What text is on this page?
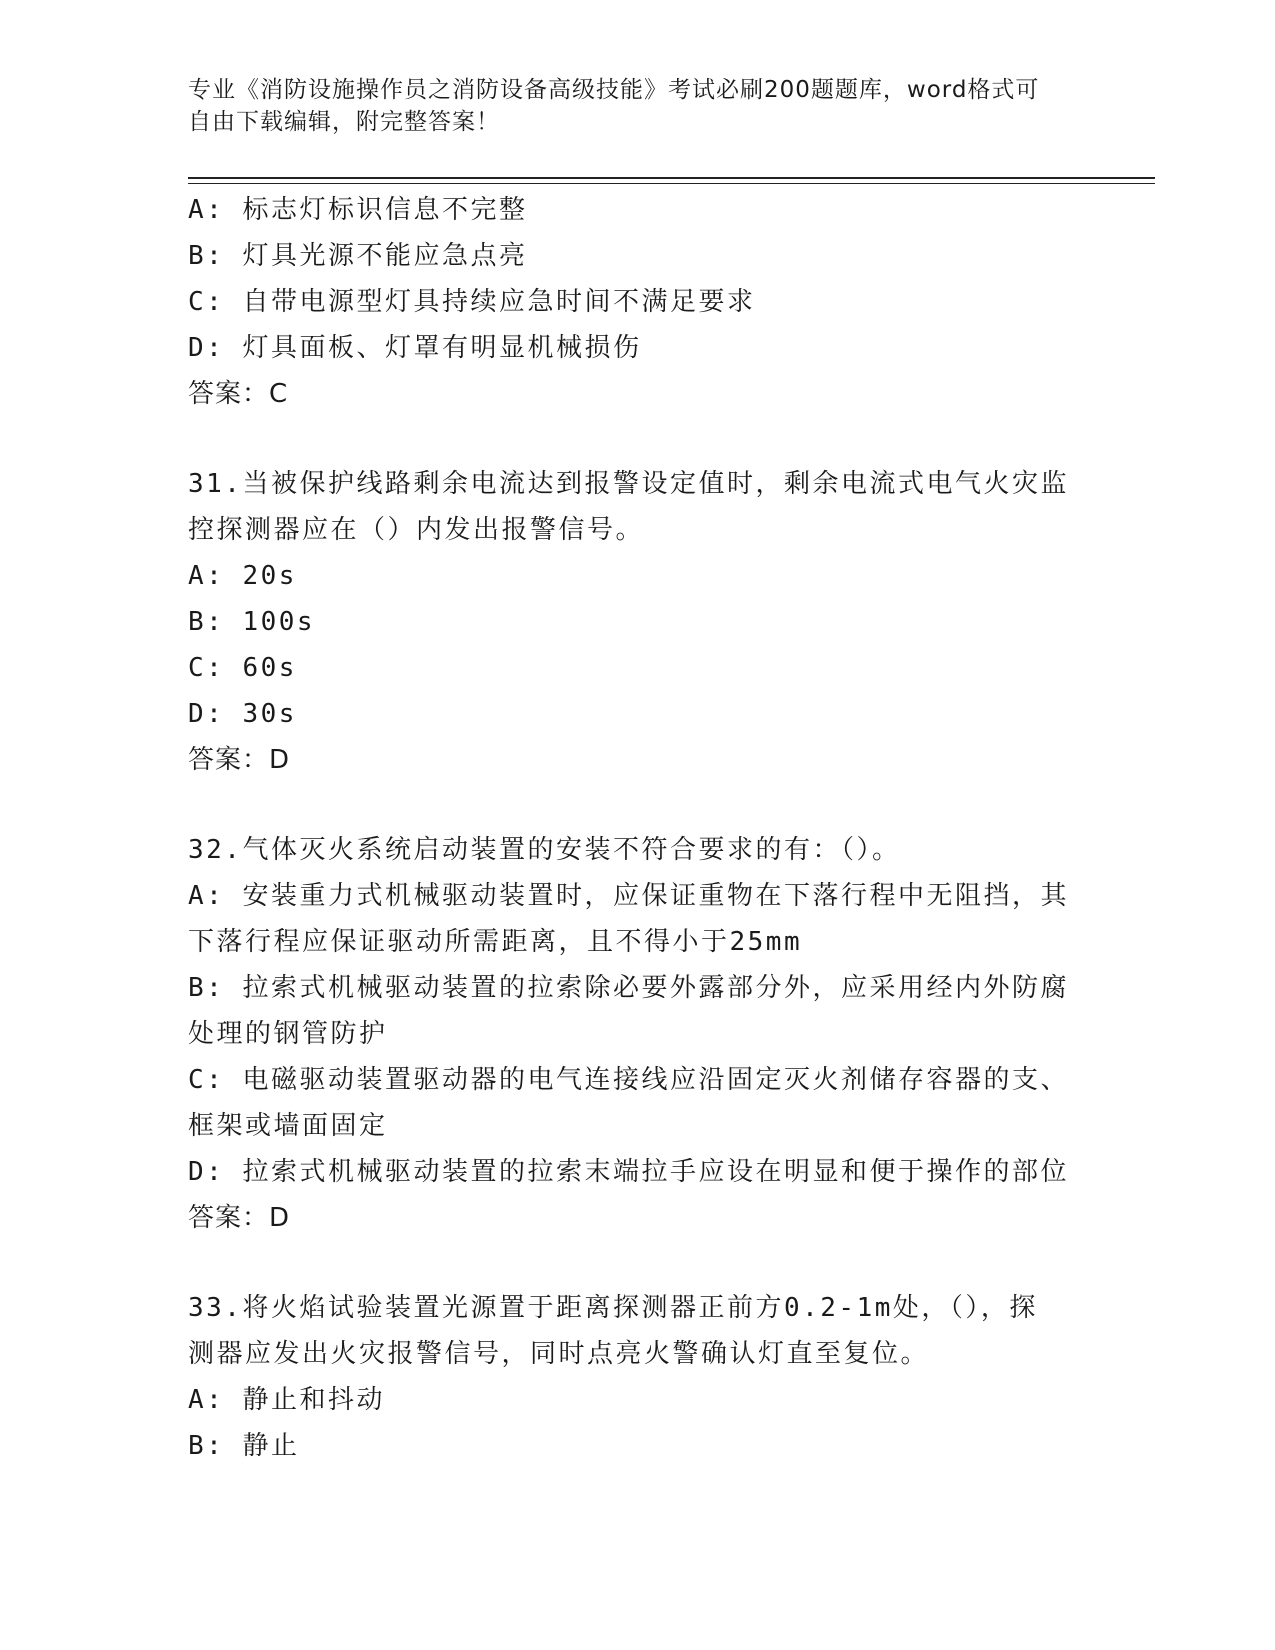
专业《消防设施操作员之消防设备高级技能》考试必刷200题题库，word格式可
自由下载编辑，附完整答案！
A: 标志灯标识信息不完整
B: 灯具光源不能应急点亮
C: 自带电源型灯具持续应急时间不满足要求
D: 灯具面板、灯罩有明显机械损伤
答案：C
31.当被保护线路剩余电流达到报警设定值时，剩余电流式电气火灾监
控探测器应在（）内发出报警信号。
A: 20s
B: 100s
C: 60s
D: 30s
答案：D
32.气体灭火系统启动装置的安装不符合要求的有：（）。
A: 安装重力式机械驱动装置时，应保证重物在下落行程中无阻挡，其
下落行程应保证驱动所需距离，且不得小于25mm
B: 拉索式机械驱动装置的拉索除必要外露部分外，应采用经内外防腐
处理的钢管防护
C: 电磁驱动装置驱动器的电气连接线应沿固定灭火剂储存容器的支、
框架或墙面固定
D: 拉索式机械驱动装置的拉索末端拉手应设在明显和便于操作的部位
答案：D
33.将火焰试验装置光源置于距离探测器正前方0.2-1m处，（），探
测器应发出火灾报警信号，同时点亮火警确认灯直至复位。
A: 静止和抖动
B: 静止
